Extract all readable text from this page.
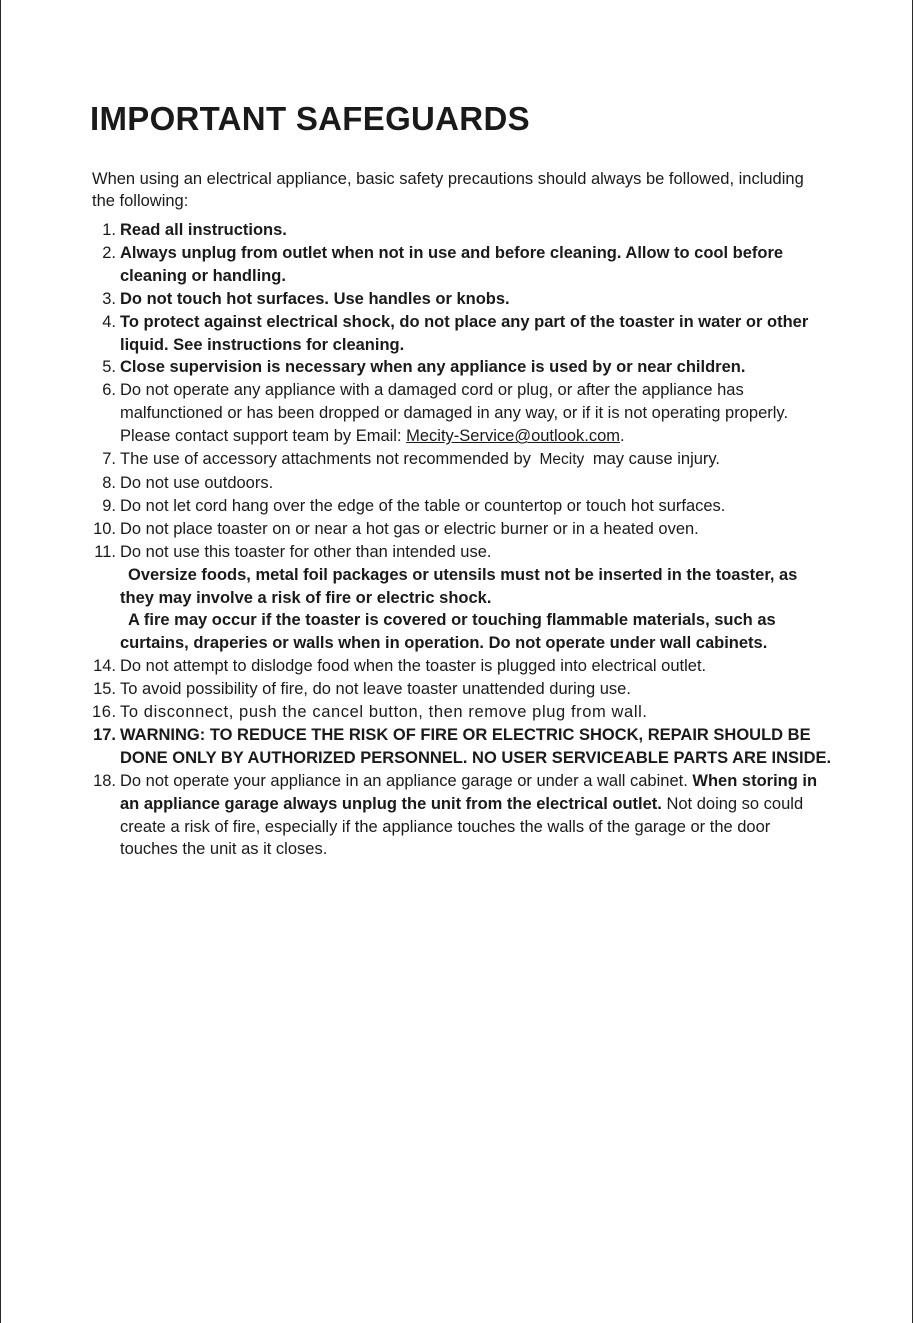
IMPORTANT SAFEGUARDS
When using an electrical appliance, basic safety precautions should always be followed, including the following:
1. Read all instructions.
2. Always unplug from outlet when not in use and before cleaning. Allow to cool before cleaning or handling.
3. Do not touch hot surfaces. Use handles or knobs.
4. To protect against electrical shock, do not place any part of the toaster in water or other liquid. See instructions for cleaning.
5. Close supervision is necessary when any appliance is used by or near children.
6. Do not operate any appliance with a damaged cord or plug, or after the appliance has malfunctioned or has been dropped or damaged in any way, or if it is not operating properly. Please contact support team by Email: Mecity-Service@outlook.com.
7. The use of accessory attachments not recommended by Mecity may cause injury.
8. Do not use outdoors.
9. Do not let cord hang over the edge of the table or countertop or touch hot surfaces.
10. Do not place toaster on or near a hot gas or electric burner or in a heated oven.
11. Do not use this toaster for other than intended use.
Oversize foods, metal foil packages or utensils must not be inserted in the toaster, as they may involve a risk of fire or electric shock.
A fire may occur if the toaster is covered or touching flammable materials, such as curtains, draperies or walls when in operation. Do not operate under wall cabinets.
14. Do not attempt to dislodge food when the toaster is plugged into electrical outlet.
15. To avoid possibility of fire, do not leave toaster unattended during use.
16. To disconnect, push the cancel button, then remove plug from wall.
17. WARNING: TO REDUCE THE RISK OF FIRE OR ELECTRIC SHOCK, REPAIR SHOULD BE DONE ONLY BY AUTHORIZED PERSONNEL. NO USER SERVICEABLE PARTS ARE INSIDE.
18. Do not operate your appliance in an appliance garage or under a wall cabinet. When storing in an appliance garage always unplug the unit from the electrical outlet. Not doing so could create a risk of fire, especially if the appliance touches the walls of the garage or the door touches the unit as it closes.
